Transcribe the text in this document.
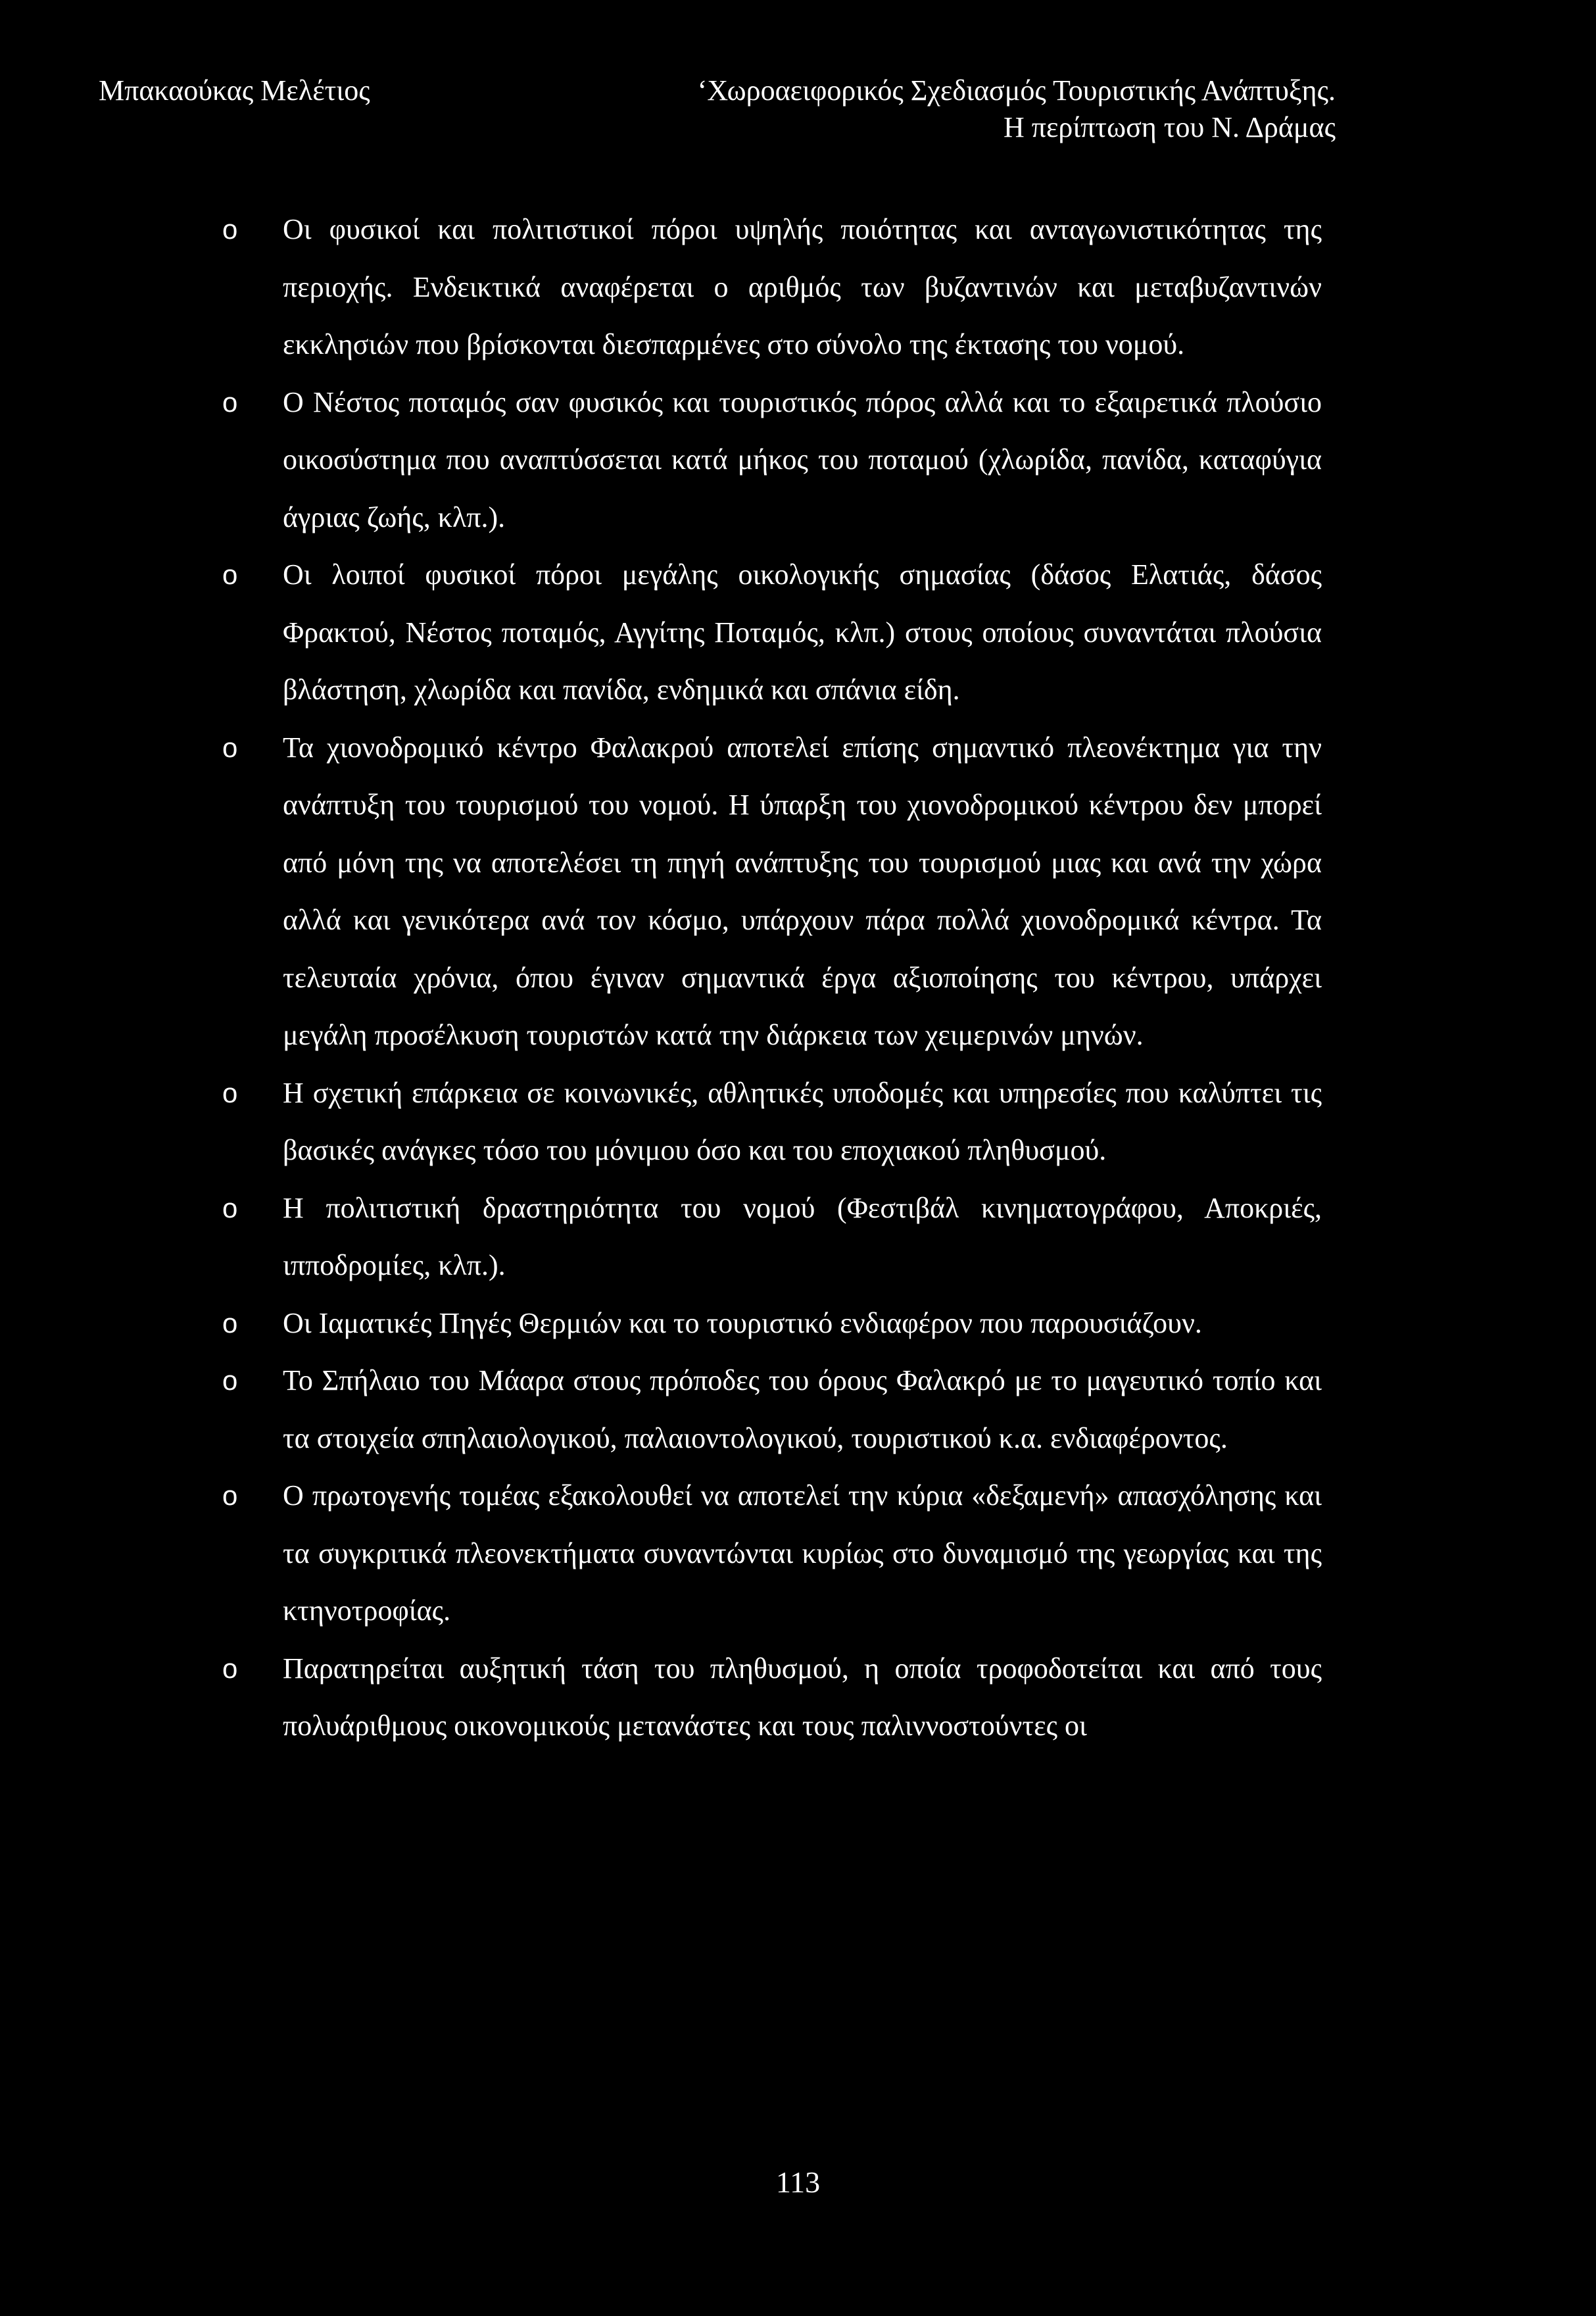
Μπακαούκας Μελέτιος	‘Χωροαειφορικός Σχεδιασμός Τουριστικής Ανάπτυξης.
Η περίπτωση του Ν. Δράμας
o Οι φυσικοί και πολιτιστικοί πόροι υψηλής ποιότητας και ανταγωνιστικότητας της περιοχής. Ενδεικτικά αναφέρεται ο αριθμός των βυζαντινών και μεταβυζαντινών εκκλησιών που βρίσκονται διεσπαρμένες στο σύνολο της έκτασης του νομού.
o Ο Νέστος ποταμός σαν φυσικός και τουριστικός πόρος αλλά και το εξαιρετικά πλούσιο οικοσύστημα που αναπτύσσεται κατά μήκος του ποταμού (χλωρίδα, πανίδα, καταφύγια άγριας ζωής, κλπ.).
o Οι λοιποί φυσικοί πόροι μεγάλης οικολογικής σημασίας (δάσος Ελατιάς, δάσος Φρακτού, Νέστος ποταμός, Αγγίτης Ποταμός, κλπ.) στους οποίους συναντάται πλούσια βλάστηση, χλωρίδα και πανίδα, ενδημικά και σπάνια είδη.
o Τα χιονοδρομικό κέντρο Φαλακρού αποτελεί επίσης σημαντικό πλεονέκτημα για την ανάπτυξη του τουρισμού του νομού. Η ύπαρξη του χιονοδρομικού κέντρου δεν μπορεί από μόνη της να αποτελέσει τη πηγή ανάπτυξης του τουρισμού μιας και ανά την χώρα αλλά και γενικότερα ανά τον κόσμο, υπάρχουν πάρα πολλά χιονοδρομικά κέντρα. Τα τελευταία χρόνια, όπου έγιναν σημαντικά έργα αξιοποίησης του κέντρου, υπάρχει μεγάλη προσέλκυση τουριστών κατά την διάρκεια των χειμερινών μηνών.
o Η σχετική επάρκεια σε κοινωνικές, αθλητικές υποδομές και υπηρεσίες που καλύπτει τις βασικές ανάγκες τόσο του μόνιμου όσο και του εποχιακού πληθυσμού.
o Η πολιτιστική δραστηριότητα του νομού (Φεστιβάλ κινηματογράφου, Αποκριές, ιπποδρομίες, κλπ.).
o Οι Ιαματικές Πηγές Θερμιών και το τουριστικό ενδιαφέρον που παρουσιάζουν.
o Το Σπήλαιο του Μάαρα στους πρόποδες του όρους Φαλακρό με το μαγευτικό τοπίο και τα στοιχεία σπηλαιολογικού, παλαιοντολογικού, τουριστικού κ.α. ενδιαφέροντος.
o Ο πρωτογενής τομέας εξακολουθεί να αποτελεί την κύρια «δεξαμενή» απασχόλησης και τα συγκριτικά πλεονεκτήματα συναντώνται κυρίως στο δυναμισμό της γεωργίας και της κτηνοτροφίας.
o Παρατηρείται αυξητική τάση του πληθυσμού, η οποία τροφοδοτείται και από τους πολυάριθμους οικονομικούς μετανάστες και τους παλιννοστούντες οι
113
